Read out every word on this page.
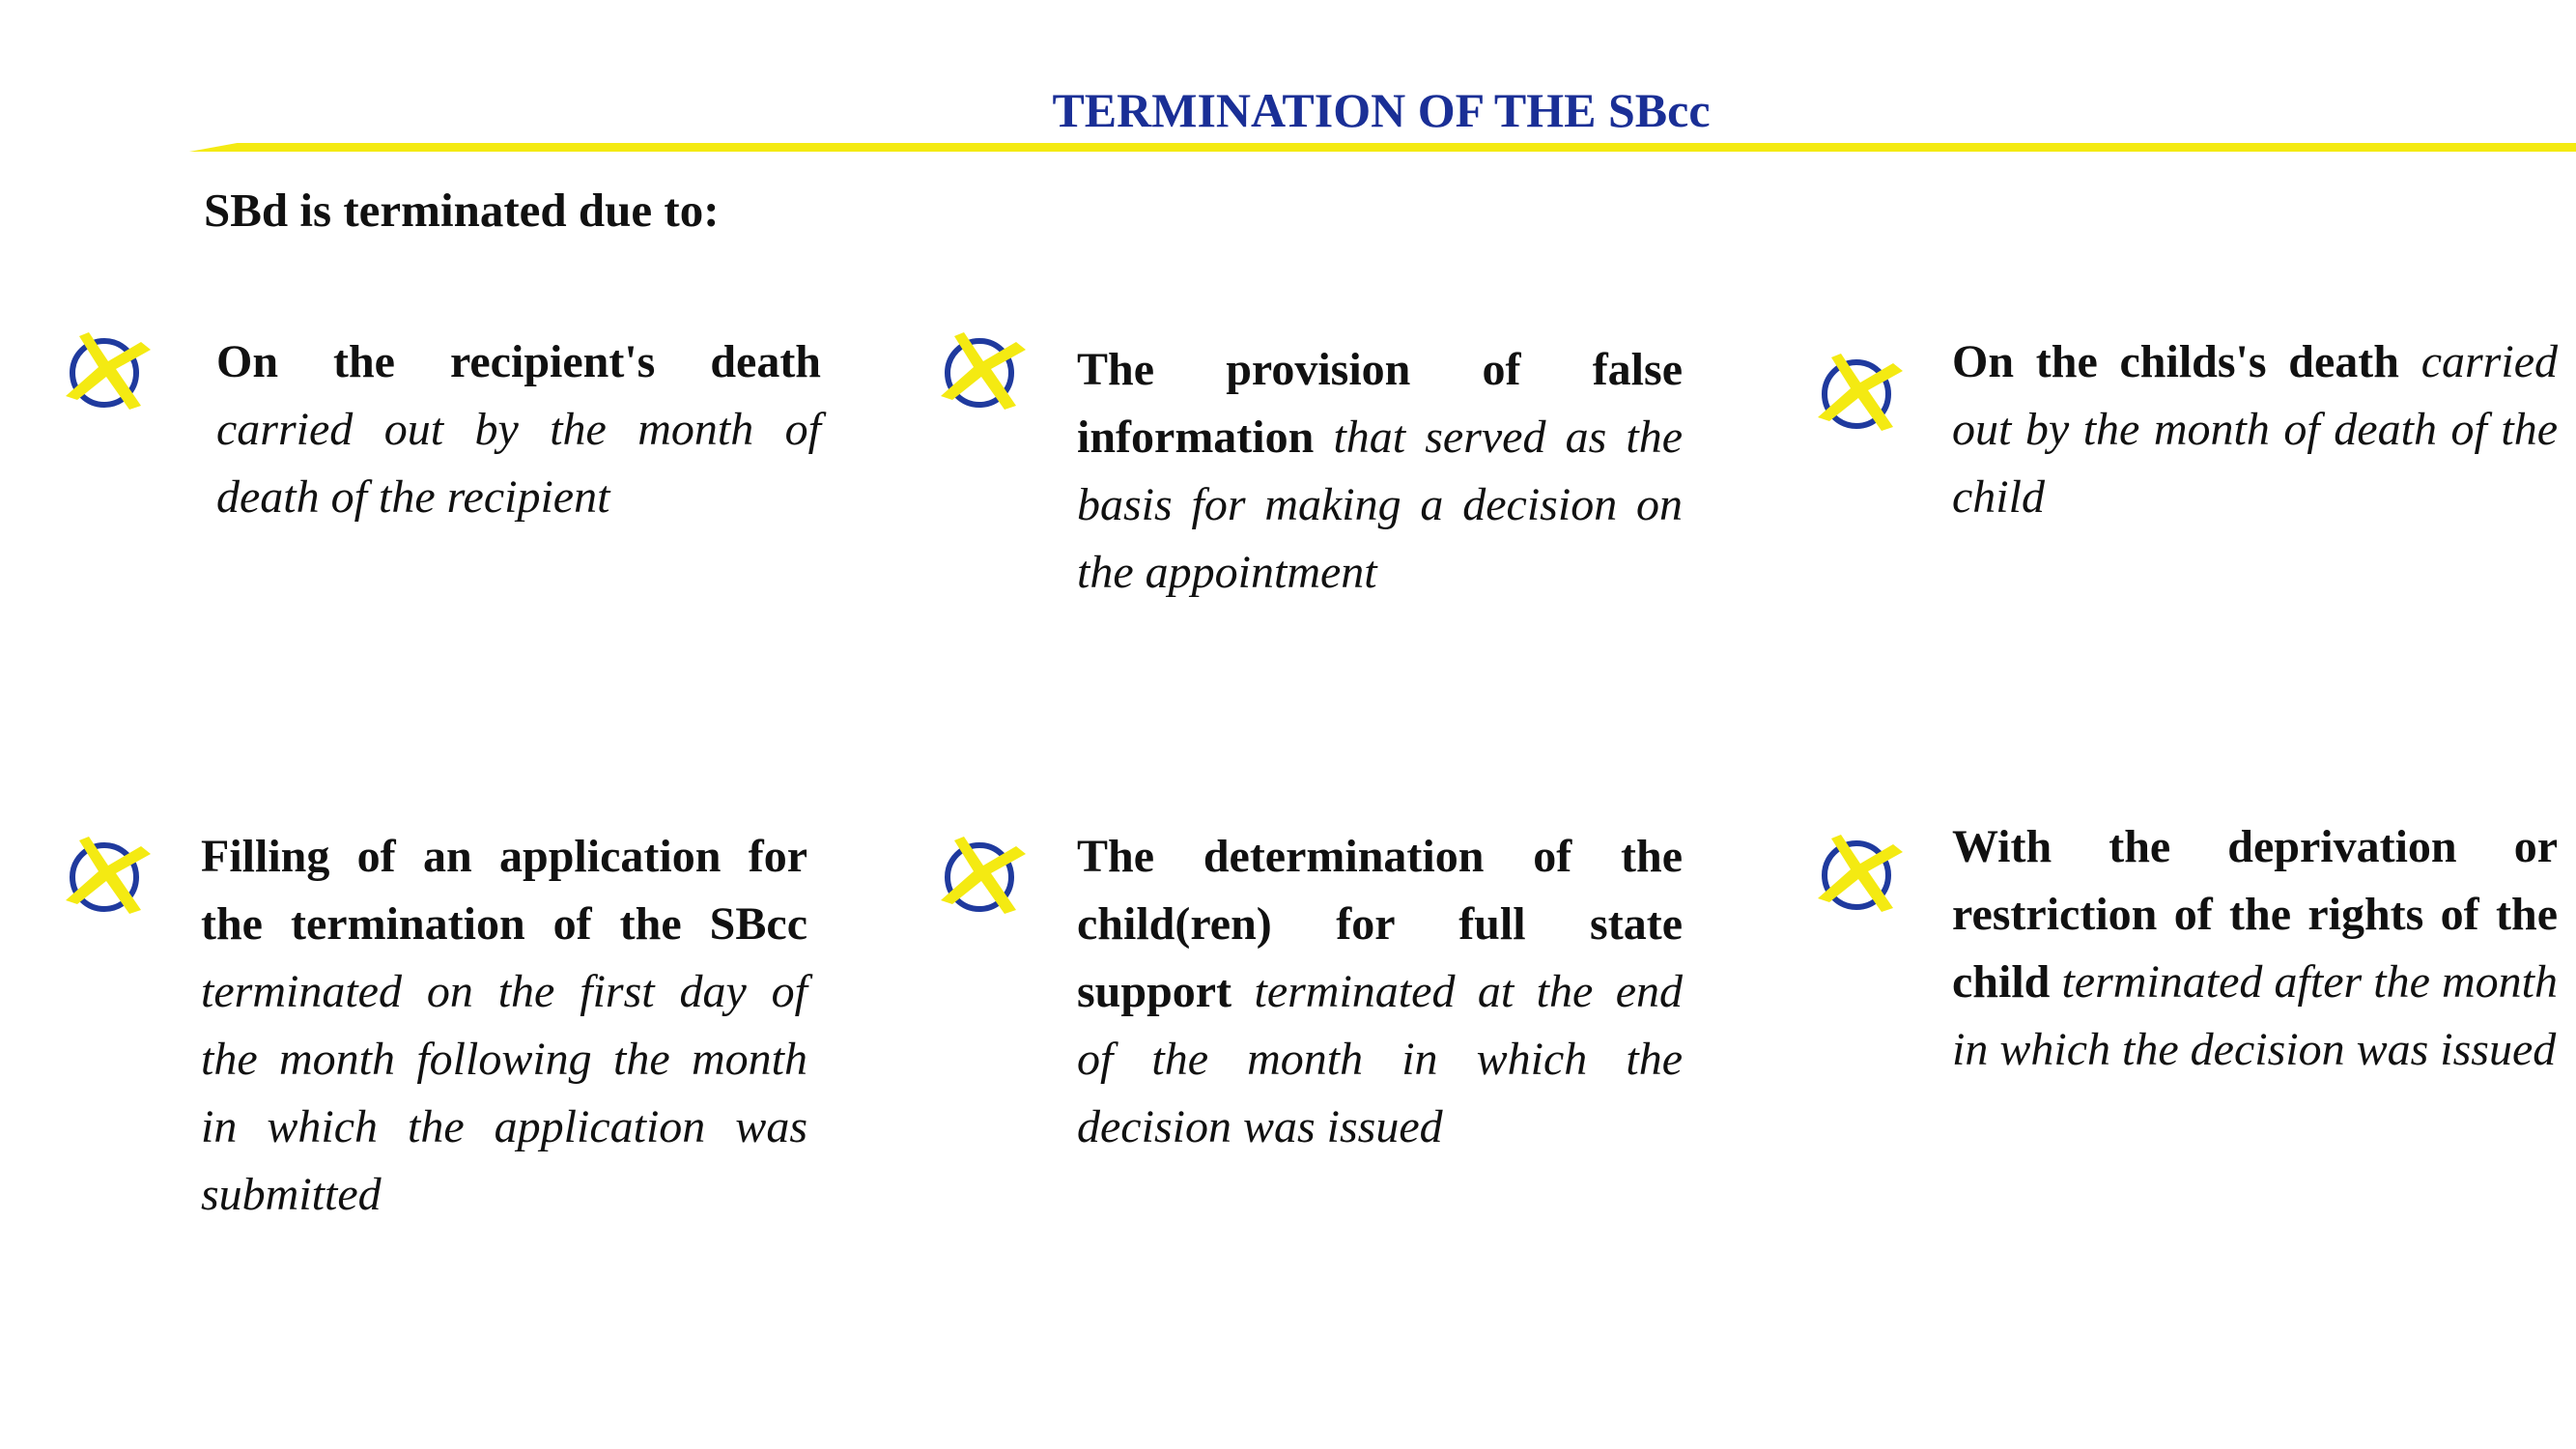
TERMINATION OF THE SBcc
SBd is terminated due to:
On the recipient's death carried out by the month of death of the recipient
The provision of false information that served as the basis for making a decision on the appointment
On the childs's death carried out by the month of death of the child
Filling of an application for the termination of the SBcc terminated on the first day of the month following the month in which the application was submitted
The determination of the child(ren) for full state support terminated at the end of the month in which the decision was issued
With the deprivation or restriction of the rights of the child terminated after the month in which the decision was issued
